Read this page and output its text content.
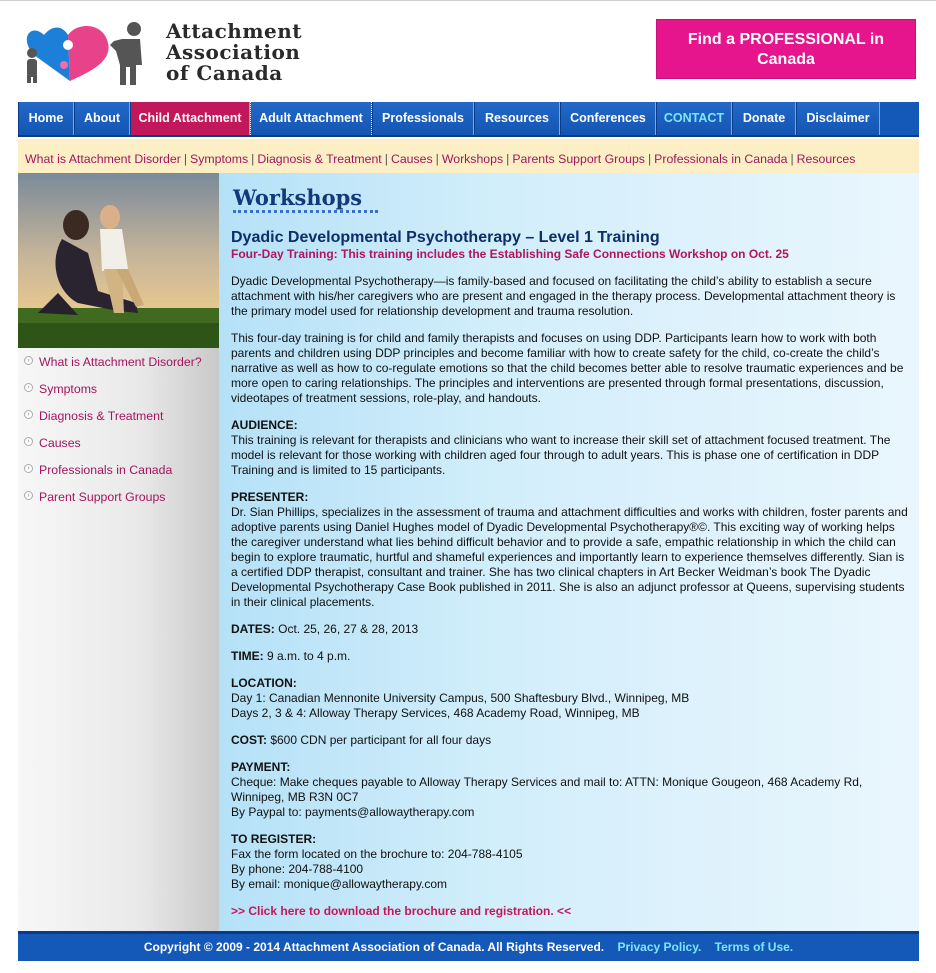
Attachment
Association
of Canada
Find a PROFESSIONAL in Canada
Home	About	Child Attachment	Adult Attachment	Professionals	Resources	Conferences	CONTACT	Donate	Disclaimer
What is Attachment Disorder | Symptoms | Diagnosis & Treatment | Causes | Workshops | Parents Support Groups | Professionals in Canada | Resources
› What is Attachment Disorder?
› Symptoms
› Diagnosis & Treatment
› Causes
› Professionals in Canada
› Parent Support Groups
Workshops
Dyadic Developmental Psychotherapy – Level 1 Training
Four-Day Training: This training includes the Establishing Safe Connections Workshop on Oct. 25
Dyadic Developmental Psychotherapy—is family-based and focused on facilitating the child’s ability to establish a secure attachment with his/her caregivers who are present and engaged in the therapy process. Developmental attachment theory is the primary model used for relationship development and trauma resolution.
This four-day training is for child and family therapists and focuses on using DDP. Participants learn how to work with both parents and children using DDP principles and become familiar with how to create safety for the child, co-create the child’s narrative as well as how to co-regulate emotions so that the child becomes better able to resolve traumatic experiences and be more open to caring relationships. The principles and interventions are presented through formal presentations, discussion, videotapes of treatment sessions, role-play, and handouts.
AUDIENCE:
This training is relevant for therapists and clinicians who want to increase their skill set of attachment focused treatment. The model is relevant for those working with children aged four through to adult years. This is phase one of certification in DDP Training and is limited to 15 participants.
PRESENTER:
Dr. Sian Phillips, specializes in the assessment of trauma and attachment difficulties and works with children, foster parents and adoptive parents using Daniel Hughes model of Dyadic Developmental Psychotherapy®©. This exciting way of working helps the caregiver understand what lies behind difficult behavior and to provide a safe, empathic relationship in which the child can begin to explore traumatic, hurtful and shameful experiences and importantly learn to experience themselves differently. Sian is a certified DDP therapist, consultant and trainer. She has two clinical chapters in Art Becker Weidman’s book The Dyadic Developmental Psychotherapy Case Book published in 2011. She is also an adjunct professor at Queens, supervising students in their clinical placements.
DATES: Oct. 25, 26, 27 & 28, 2013
TIME: 9 a.m. to 4 p.m.
LOCATION:
Day 1: Canadian Mennonite University Campus, 500 Shaftesbury Blvd., Winnipeg, MB
Days 2, 3 & 4: Alloway Therapy Services, 468 Academy Road, Winnipeg, MB
COST: $600 CDN per participant for all four days
PAYMENT:
Cheque: Make cheques payable to Alloway Therapy Services and mail to: ATTN: Monique Gougeon, 468 Academy Rd, Winnipeg, MB R3N 0C7
By Paypal to: payments@allowaytherapy.com
TO REGISTER:
Fax the form located on the brochure to: 204-788-4105
By phone: 204-788-4100
By email: monique@allowaytherapy.com
>> Click here to download the brochure and registration. <<
Copyright © 2009 - 2014 Attachment Association of Canada. All Rights Reserved. Privacy Policy. Terms of Use.
